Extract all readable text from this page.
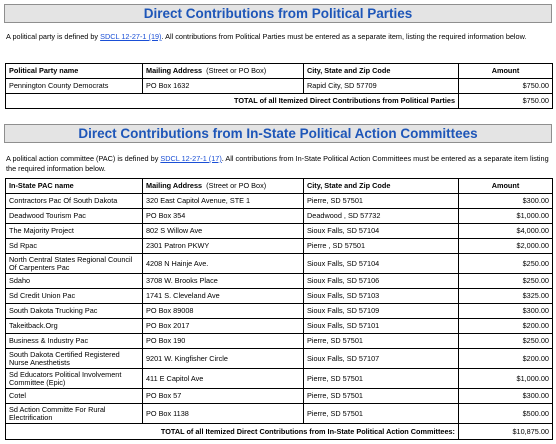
Direct Contributions from Political Parties
A political party is defined by SDCL 12-27-1 (19). All contributions from Political Parties must be entered as a separate item, listing the required information below.
Political Party name	Mailing Address (Street or PO Box)	City, State and Zip Code	Amount
Pennington County Democrats	PO Box 1632	Rapid City, SD 57709	$750.00
TOTAL of all Itemized Direct Contributions from Political Parties			$750.00
Direct Contributions from In-State Political Action Committees
A political action committee (PAC) is defined by SDCL 12-27-1 (17). All contributions from In-State Political Action Committees must be entered as a separate item listing the required information below.
In-State PAC name	Mailing Address (Street or PO Box)	City, State and Zip Code	Amount
Contractors Pac Of South Dakota	320 East Capitol Avenue, STE 1	Pierre, SD 57501	$300.00
Deadwood Tourism Pac	PO Box 354	Deadwood , SD 57732	$1,000.00
The Majority Project	802 S Willow Ave	Sioux Falls, SD 57104	$4,000.00
Sd Rpac	2301 Patron PKWY	Pierre , SD 57501	$2,000.00
North Central States Regional Council Of Carpenters Pac	4208 N Hainje Ave.	Sioux Falls, SD 57104	$250.00
Sdaho	3708 W. Brooks Place	Sioux Falls, SD 57106	$250.00
Sd Credit Union Pac	1741 S. Cleveland Ave	Sioux Falls, SD 57103	$325.00
South Dakota Trucking Pac	PO Box 89008	Sioux Falls, SD 57109	$300.00
Takeitback.Org	PO Box 2017	Sioux Falls, SD 57101	$200.00
Business & Industry Pac	PO Box 190	Pierre, SD 57501	$250.00
South Dakota Certified Registered Nurse Anesthetists	9201 W. Kingfisher Circle	Sioux Falls, SD 57107	$200.00
Sd Educators Political Involvement Committee (Epic)	411 E Capitol Ave	Pierre, SD 57501	$1,000.00
Cotel	PO Box 57	Pierre, SD 57501	$300.00
Sd Action Committe For Rural Electrification	PO Box 1138	Pierre, SD 57501	$500.00
TOTAL of all Itemized Direct Contributions from In-State Political Action Committees:			$10,875.00
